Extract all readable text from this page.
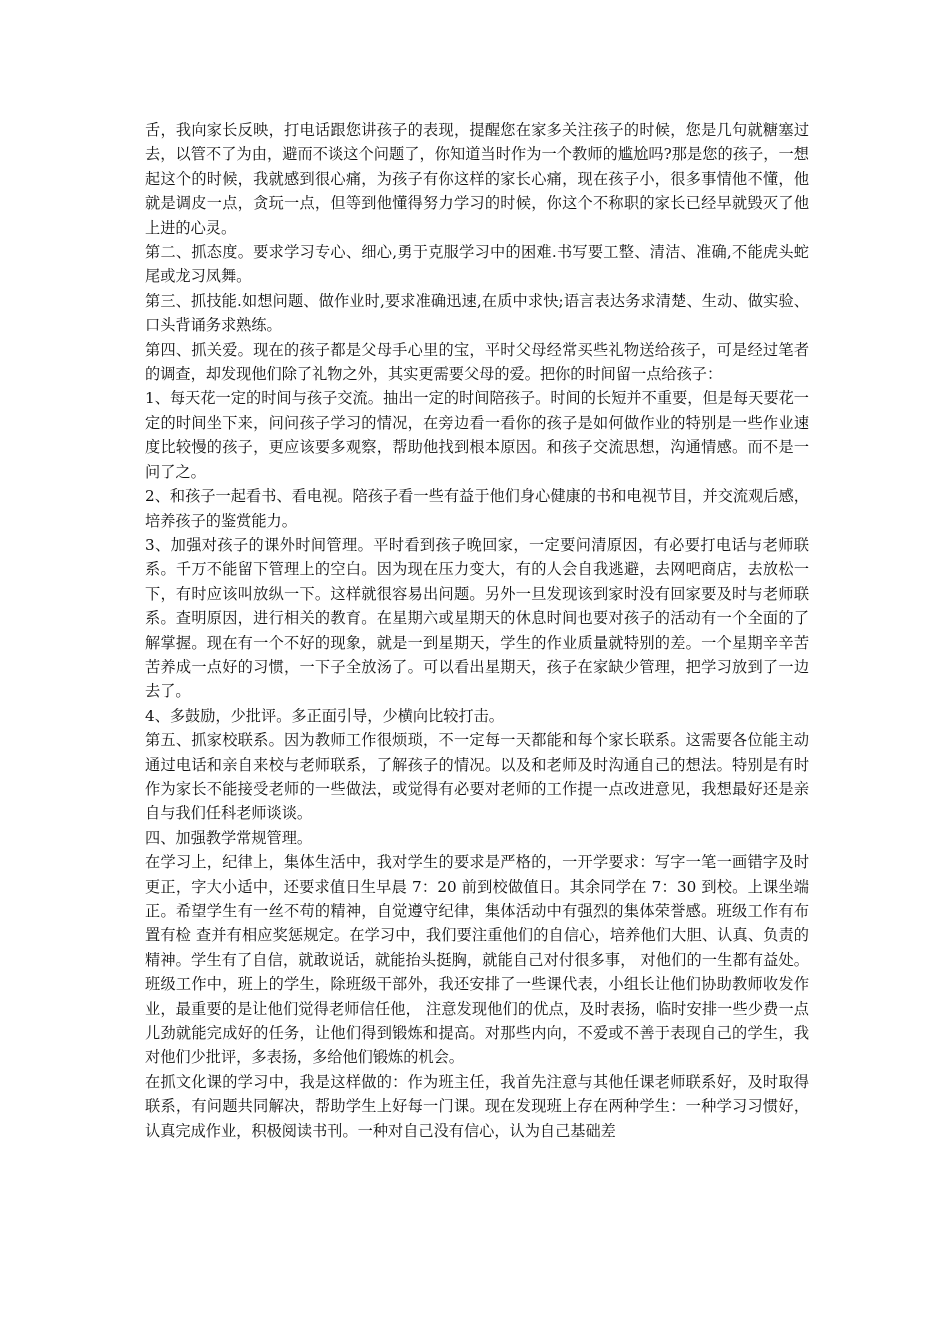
舌，我向家长反映，打电话跟您讲孩子的表现，提醒您在家多关注孩子的时候，您是几句就糖塞过去，以管不了为由，避而不谈这个问题了，你知道当时作为一个教师的尴尬吗?那是您的孩子，一想起这个的时候，我就感到很心痛，为孩子有你这样的家长心痛，现在孩子小，很多事情他不懂，他就是调皮一点，贪玩一点，但等到他懂得努力学习的时候，你这个不称职的家长已经早就毁灭了他上进的心灵。

第二、抓态度。要求学习专心、细心,勇于克服学习中的困难.书写要工整、清洁、准确,不能虎头蛇尾或龙习凤舞。

第三、抓技能.如想问题、做作业时,要求准确迅速,在质中求快;语言表达务求清楚、生动、做实验、口头背诵务求熟练。

第四、抓关爱。现在的孩子都是父母手心里的宝，平时父母经常买些礼物送给孩子，可是经过笔者的调查，却发现他们除了礼物之外，其实更需要父母的爱。把你的时间留一点给孩子：

1、每天花一定的时间与孩子交流。抽出一定的时间陪孩子。时间的长短并不重要，但是每天要花一定的时间坐下来，问问孩子学习的情况，在旁边看一看你的孩子是如何做作业的特别是一些作业速度比较慢的孩子，更应该要多观察，帮助他找到根本原因。和孩子交流思想，沟通情感。而不是一问了之。

2、和孩子一起看书、看电视。陪孩子看一些有益于他们身心健康的书和电视节目，并交流观后感，培养孩子的鉴赏能力。

3、加强对孩子的课外时间管理。平时看到孩子晚回家，一定要问清原因，有必要打电话与老师联系。千万不能留下管理上的空白。因为现在压力变大，有的人会自我逃避，去网吧商店，去放松一下，有时应该叫放纵一下。这样就很容易出问题。另外一旦发现该到家时没有回家要及时与老师联系。查明原因，进行相关的教育。在星期六或星期天的休息时间也要对孩子的活动有一个全面的了解掌握。现在有一个不好的现象，就是一到星期天，学生的作业质量就特别的差。一个星期辛辛苦苦养成一点好的习惯，一下子全放汤了。可以看出星期天，孩子在家缺少管理，把学习放到了一边去了。

4、多鼓励，少批评。多正面引导，少横向比较打击。

第五、抓家校联系。因为教师工作很烦琐，不一定每一天都能和每个家长联系。这需要各位能主动通过电话和亲自来校与老师联系，了解孩子的情况。以及和老师及时沟通自己的想法。特别是有时作为家长不能接受老师的一些做法，或觉得有必要对老师的工作提一点改进意见，我想最好还是亲自与我们任科老师谈谈。

四、加强教学常规管理。

在学习上，纪律上，集体生活中，我对学生的要求是严格的，一开学要求：写字一笔一画错字及时更正，字大小适中，还要求值日生早晨 7：20 前到校做值日。其余同学在 7：30 到校。上课坐端正。希望学生有一丝不苟的精神，自觉遵守纪律，集体活动中有强烈的集体荣誉感。班级工作有布置有检 查并有相应奖惩规定。在学习中，我们要注重他们的自信心，培养他们大胆、认真、负责的精神。学生有了自信，就敢说话，就能抬头挺胸，就能自己对付很多事， 对他们的一生都有益处。班级工作中，班上的学生，除班级干部外，我还安排了一些课代表，小组长让他们协助教师收发作业，最重要的是让他们觉得老师信任他， 注意发现他们的优点，及时表扬，临时安排一些少费一点儿劲就能完成好的任务，让他们得到锻炼和提高。对那些内向，不爱或不善于表现自己的学生，我对他们少批评，多表扬，多给他们锻炼的机会。

在抓文化课的学习中，我是这样做的：作为班主任，我首先注意与其他任课老师联系好，及时取得联系，有问题共同解决，帮助学生上好每一门课。现在发现班上存在两种学生：一种学习习惯好，认真完成作业，积极阅读书刊。一种对自己没有信心，认为自己基础差
